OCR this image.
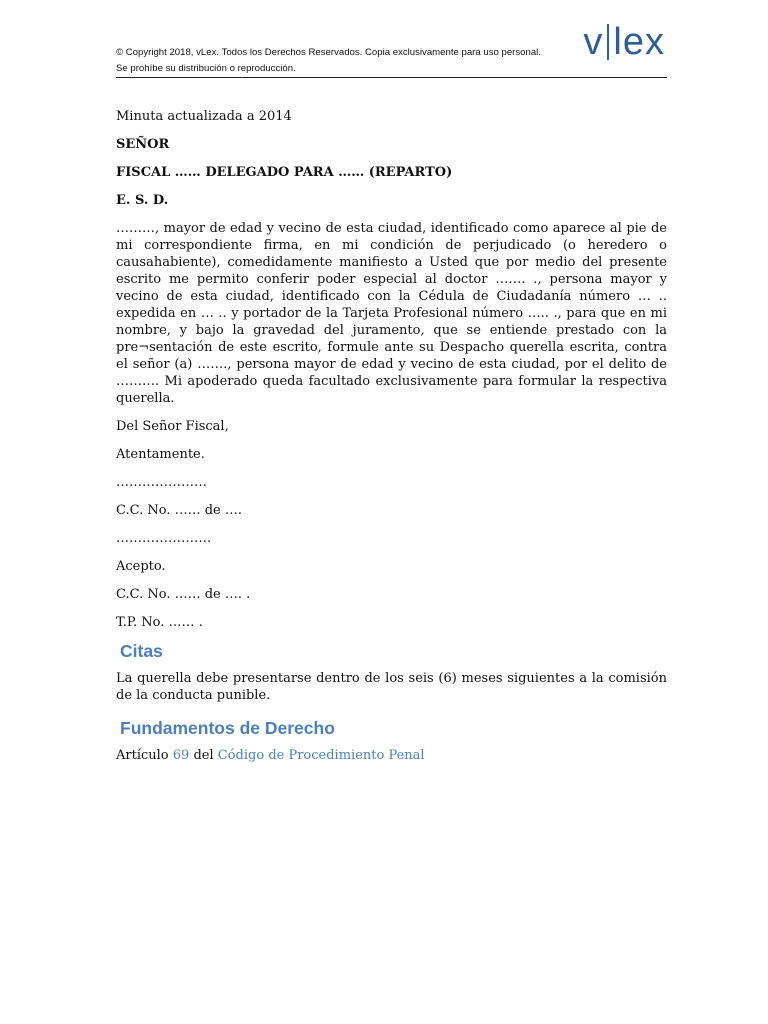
© Copyright 2018, vLex. Todos los Derechos Reservados. Copia exclusivamente para uso personal.
Se prohíbe su distribución o reproducción.
v lex

Minuta actualizada a 2014

SEÑOR

FISCAL …… DELEGADO PARA …… (REPARTO)

E. S. D.

………, mayor de edad y vecino de esta ciudad, identificado como aparece al pie de mi correspondiente firma, en mi condición de perjudicado (o heredero o causahabiente), comedidamente manifiesto a Usted que por medio del presente escrito me permito conferir poder especial al doctor ……. ., persona mayor y vecino de esta ciudad, identificado con la Cédula de Ciudadanía número … .. expedida en … .. y portador de la Tarjeta Profesional número ….. ., para que en mi nombre, y bajo la gravedad del juramento, que se entiende prestado con la pre¬sentación de este escrito, formule ante su Despacho querella escrita, contra el señor (a) ……., persona mayor de edad y vecino de esta ciudad, por el delito de ………. Mi apoderado queda facultado exclusivamente para formular la respectiva querella.

Del Señor Fiscal,

Atentamente.

…………………

C.C. No. …… de ….

………………….

Acepto.

C.C. No. …… de …. .

T.P. No. …… .

Citas

La querella debe presentarse dentro de los seis (6) meses siguientes a la comisión de la conducta punible.

Fundamentos de Derecho

Artículo 69 del Código de Procedimiento Penal
